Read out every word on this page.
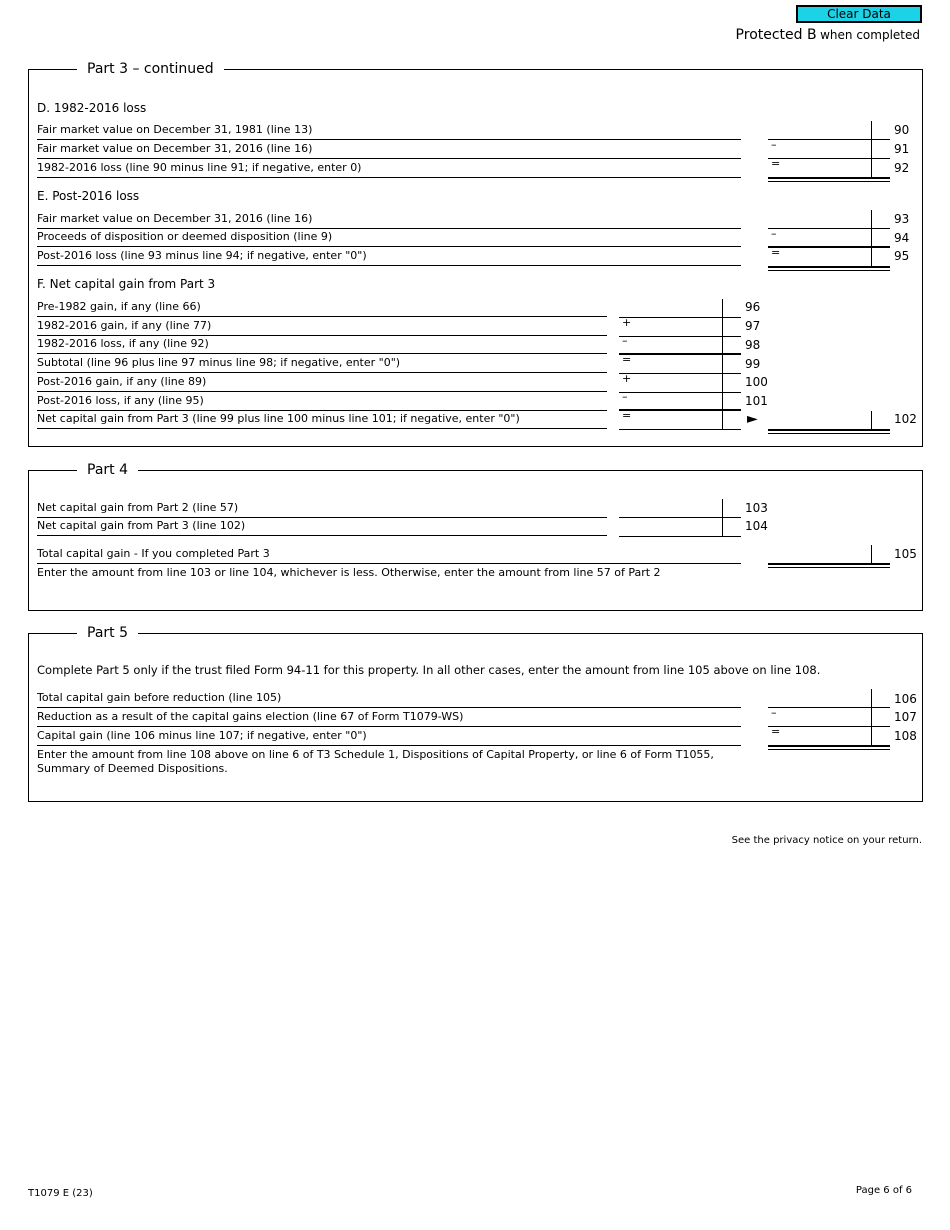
Clear Data
Protected B when completed
Part 3 – continued
D. 1982-2016 loss
Fair market value on December 31, 1981 (line 13)	90
Fair market value on December 31, 2016 (line 16)	–	91
1982-2016 loss (line 90 minus line 91; if negative, enter 0)	=	92
E. Post-2016 loss
Fair market value on December 31, 2016 (line 16)	93
Proceeds of disposition or deemed disposition (line 9)	–	94
Post-2016 loss (line 93 minus line 94; if negative, enter "0")	=	95
F. Net capital gain from Part 3
Pre-1982 gain, if any (line 66)	96
1982-2016 gain, if any (line 77)	+	97
1982-2016 loss, if any (line 92)	–	98
Subtotal (line 96 plus line 97 minus line 98; if negative, enter "0")	=	99
Post-2016 gain, if any (line 89)	+	100
Post-2016 loss, if any (line 95)	–	101
Net capital gain from Part 3 (line 99 plus line 100 minus line 101; if negative, enter "0")	=	►	102
Part 4
Net capital gain from Part 2 (line 57)	103
Net capital gain from Part 3 (line 102)	104
Total capital gain - If you completed Part 3	105
Enter the amount from line 103 or line 104, whichever is less. Otherwise, enter the amount from line 57 of Part 2
Part 5
Complete Part 5 only if the trust filed Form 94-11 for this property. In all other cases, enter the amount from line 105 above on line 108.
Total capital gain before reduction (line 105)	106
Reduction as a result of the capital gains election (line 67 of Form T1079-WS)	–	107
Capital gain (line 106 minus line 107; if negative, enter "0")	=	108
Enter the amount from line 108 above on line 6 of T3 Schedule 1, Dispositions of Capital Property, or line 6 of Form T1055, Summary of Deemed Dispositions.
See the privacy notice on your return.
T1079 E (23)	Page 6 of 6
